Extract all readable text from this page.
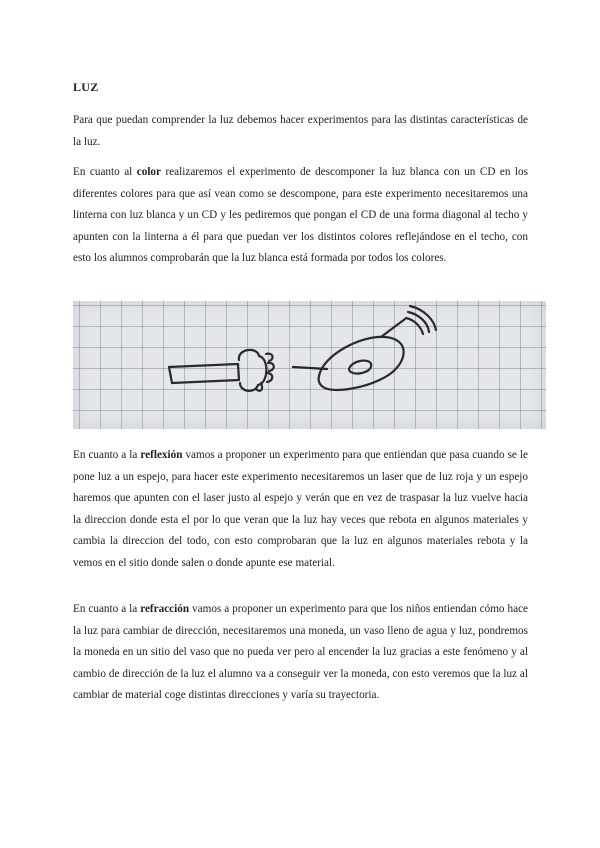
LUZ

Para que puedan comprender la luz debemos hacer experimentos para las distintas características de la luz.

En cuanto al color realizaremos el experimento de descomponer la luz blanca con un CD en los diferentes colores para que así vean como se descompone, para este experimento necesitaremos una linterna con luz blanca y un CD y les pediremos que pongan el CD de una forma diagonal al techo y apunten con la linterna a él para que puedan ver los distintos colores reflejándose en el techo, con esto los alumnos comprobarán que la luz blanca está formada por todos los colores.

En cuanto a la reflexión vamos a proponer un experimento para que entiendan que pasa cuando se le pone luz a un espejo, para hacer este experimento necesitaremos un laser que de luz roja y un espejo haremos que apunten con el laser justo al espejo y verán que en vez de traspasar la luz vuelve hacia la direccion donde esta el por lo que veran que la luz hay veces que rebota en algunos materiales y cambia la direccion del todo, con esto comprobaran que la luz en algunos materiales rebota y la vemos en el sitio donde salen o donde apunte ese material.

En cuanto a la refracción vamos a proponer un experimento para que los niños entiendan cómo hace la luz para cambiar de dirección, necesitaremos una moneda, un vaso lleno de agua y luz, pondremos la moneda en un sitio del vaso que no pueda ver pero al encender la luz gracias a este fenómeno y al cambio de dirección de la luz el alumno va a conseguir ver la moneda, con esto veremos que la luz al cambiar de material coge distintas direcciones y varía su trayectoria.
